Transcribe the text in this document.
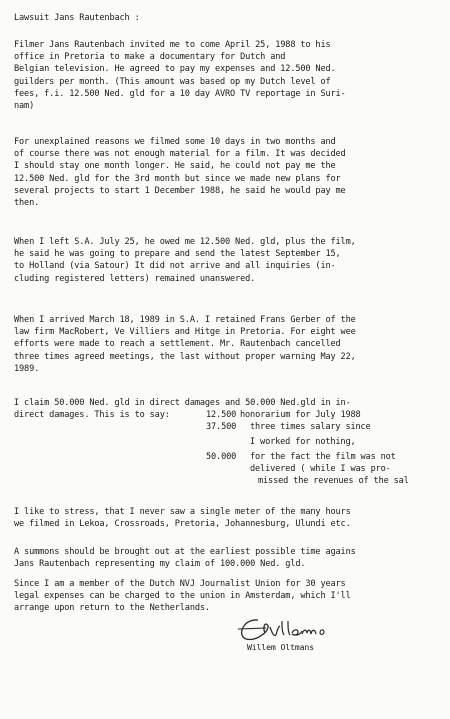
Lawsuit Jans Rautenbach :
Filmer Jans Rautenbach invited me to come April 25, 1988 to his
office in Pretoria to make a documentary for Dutch and
Belgian television. He agreed to pay my expenses and 12.500 Ned.
guilders per month. (This amount was based op my Dutch level of
fees, f.i. 12.500 Ned. gld for a 10 day AVRO TV reportage in Suri-
nam)
For unexplained reasons we filmed some 10 days in two months and
of course there was not enough material for a film. It was decided
I should stay one month longer. He said, he could not pay me the
12.500 Ned. gld for the 3rd month but since we made new plans for
several projects to start 1 December 1988, he said he would pay me
then.
When I left S.A. July 25, he owed me 12.500 Ned. gld, plus the film,
he said he was going to prepare and send the latest September 15,
to Holland (via Satour) It did not arrive and all inquiries (in-
cluding registered letters) remained unanswered.
When I arrived March 18, 1989 in S.A. I retained Frans Gerber of the
law firm MacRobert, Ve Villiers and Hitge in Pretoria. For eight wee
efforts were made to reach a settlement. Mr. Rautenbach cancelled
three times agreed meetings, the last without proper warning May 22,
1989.
I claim 50.000 Ned. gld in direct damages and 50.000 Ned.gld in in-
direct damages. This is to say:	12.500 honorarium for July 1988
37.500 three times salary since
I worked for nothing,
50.000 for the fact the film was not
delivered ( while I was pro-
missed the revenues of the sal
I like to stress, that I never saw a single meter of the many hours
we filmed in Lekoa, Crossroads, Pretoria, Johannesburg, Ulundi etc.
A summons should be brought out at the earliest possible time agains
Jans Rautenbach representing my claim of 100.000 Ned. gld.
Since I am a member of the Dutch NVJ Journalist Union for 30 years
legal expenses can be charged to the union in Amsterdam, which I'll
arrange upon return to the Netherlands.
Willem Oltmans
